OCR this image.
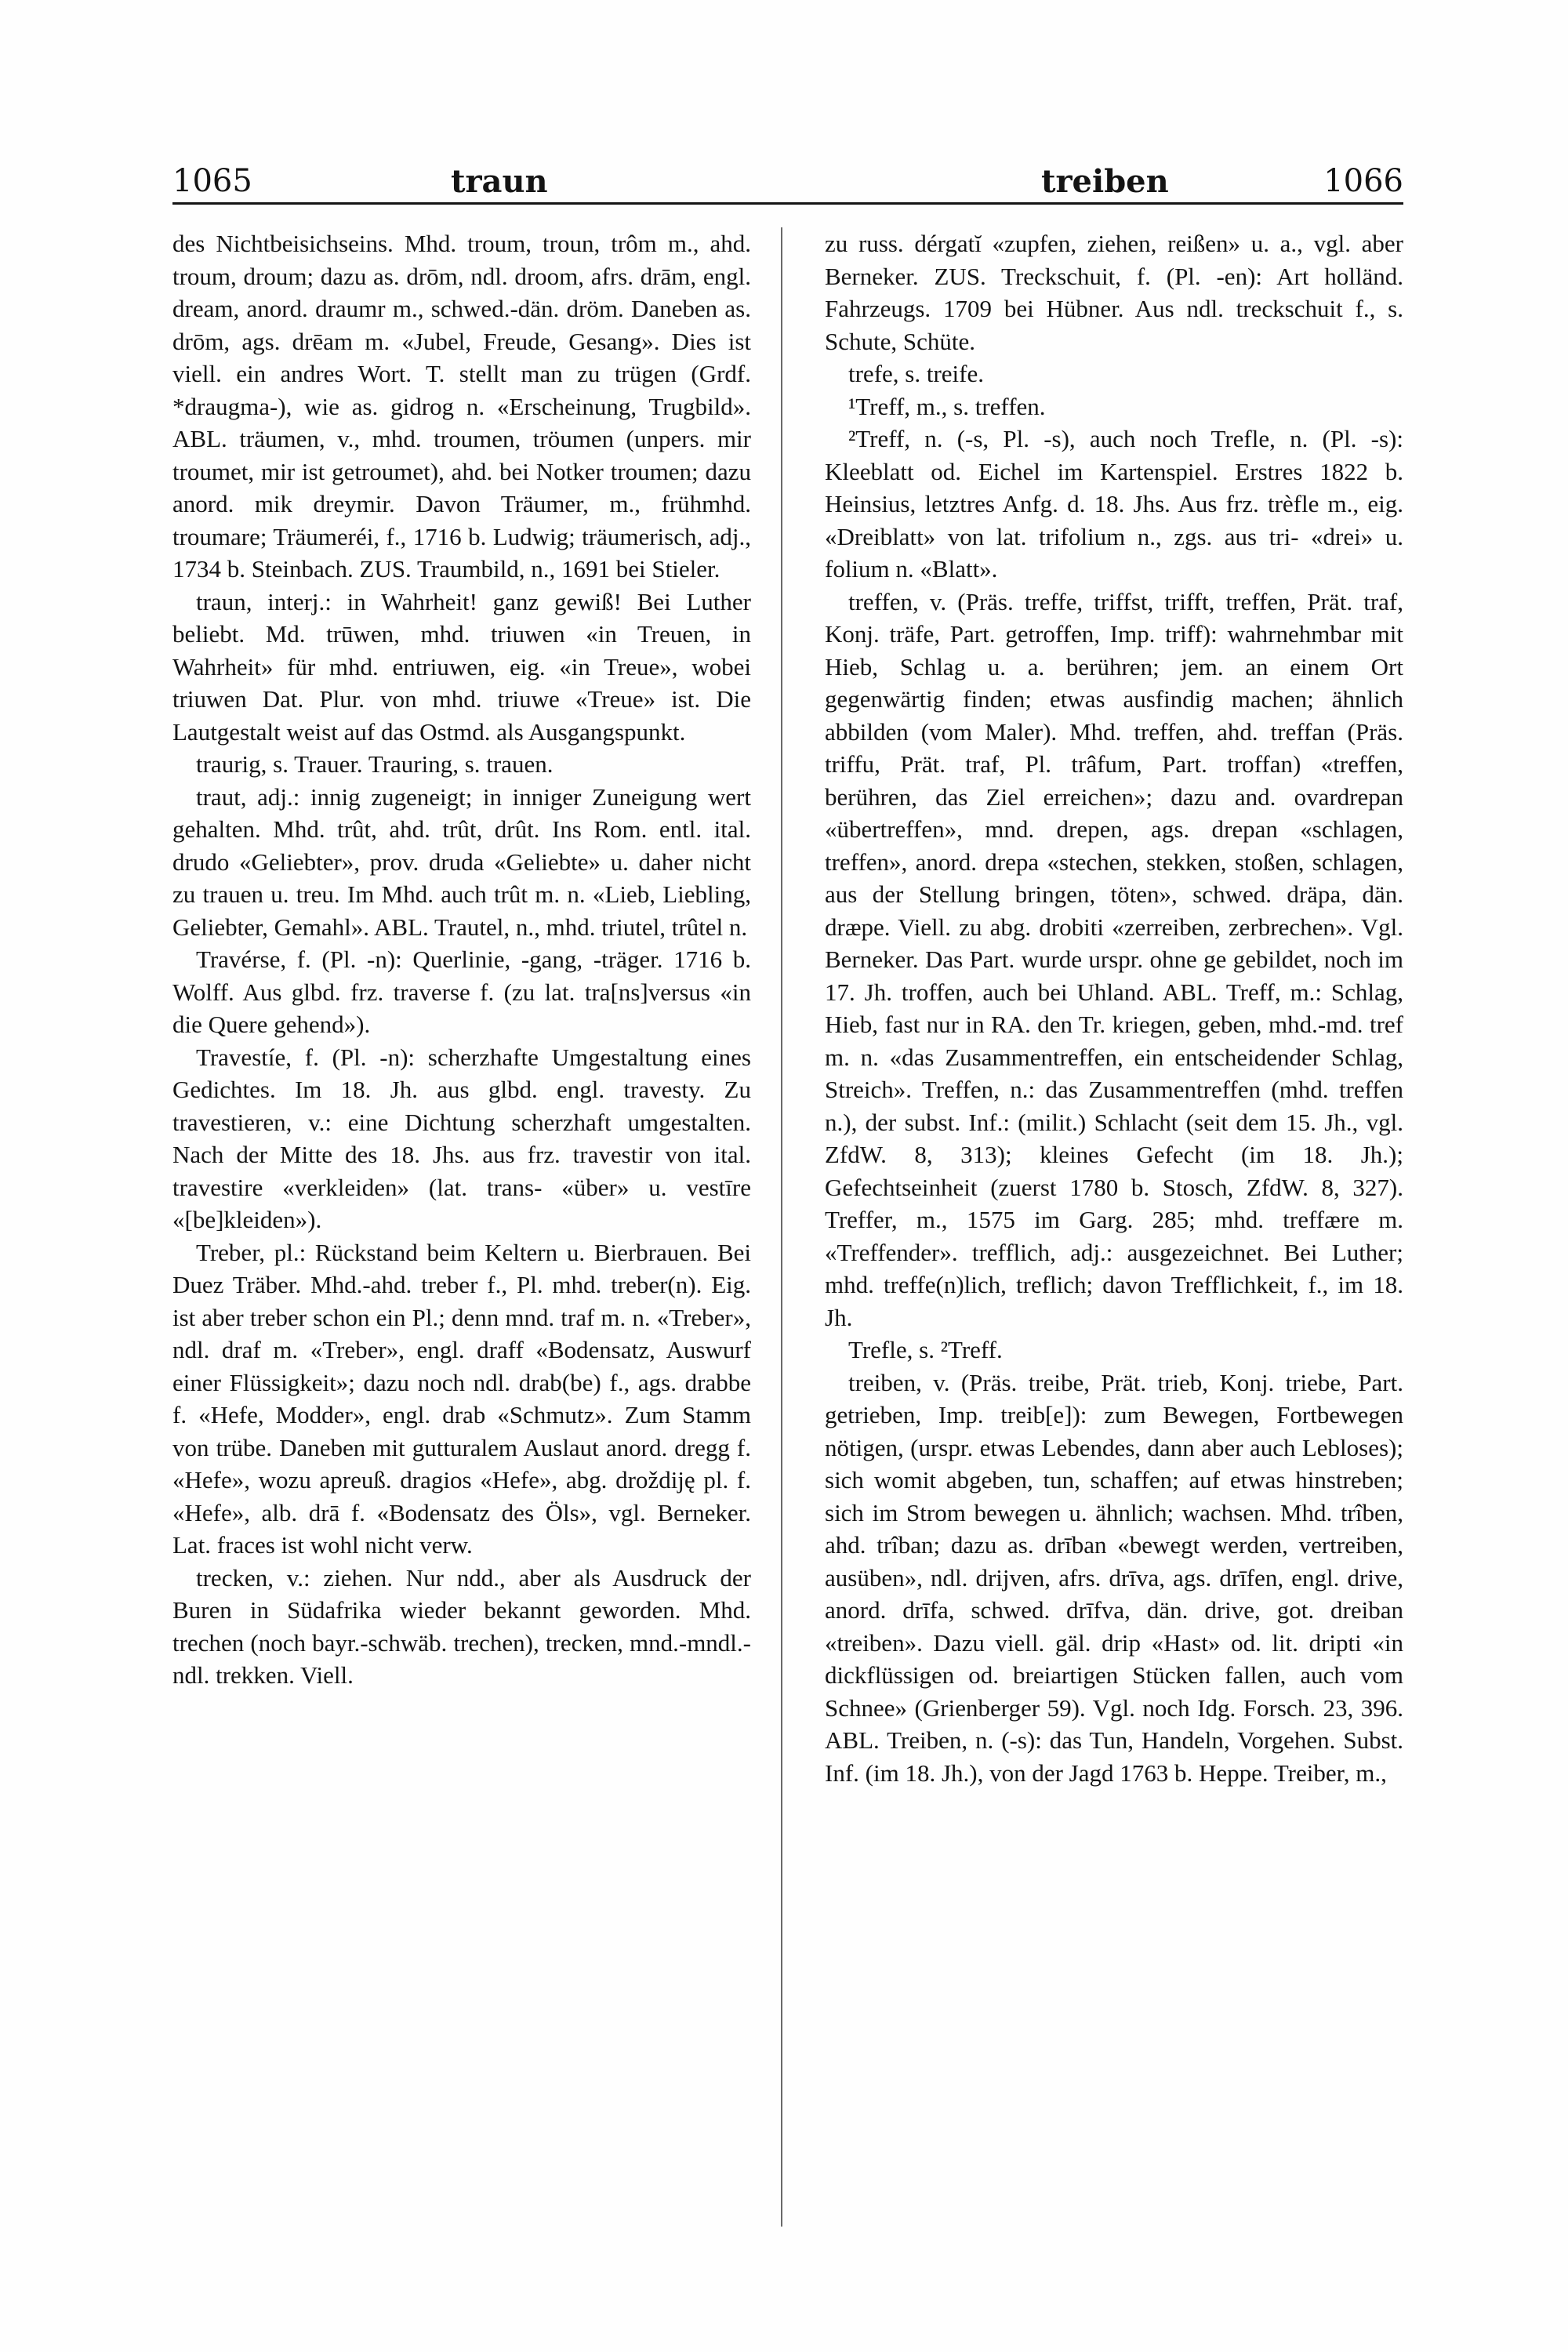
1065	traun	treiben	1066

des Nichtbeisichseins. Mhd. troum, troun, trôm m., ahd. troum, droum; dazu as. drōm, ndl. droom, afrs. drām, engl. dream, anord. draumr m., schwed.-dän. dröm. Daneben as. drōm, ags. drēam m. «Jubel, Freude, Gesang». Dies ist viell. ein andres Wort. T. stellt man zu trügen (Grdf. *draugma-), wie as. gidrog n. «Erscheinung, Trugbild». ABL. träumen, v., mhd. troumen, tröumen (unpers. mir troumet, mir ist getroumet), ahd. bei Notker troumen; dazu anord. mik dreymir. Davon Träumer, m., frühmhd. troumare; Träumeréi, f., 1716 b. Ludwig; träumerisch, adj., 1734 b. Steinbach. ZUS. Traumbild, n., 1691 bei Stieler.

traun, interj.: in Wahrheit! ganz gewiß! Bei Luther beliebt. Md. trūwen, mhd. triuwen «in Treuen, in Wahrheit» für mhd. entriuwen, eig. «in Treue», wobei triuwen Dat. Plur. von mhd. triuwe «Treue» ist. Die Lautgestalt weist auf das Ostmd. als Ausgangspunkt.

traurig, s. Trauer. Trauring, s. trauen.

traut, adj.: innig zugeneigt; in inniger Zuneigung wert gehalten. Mhd. trût, ahd. trût, drût. Ins Rom. entl. ital. drudo «Geliebter», prov. druda «Geliebte» u. daher nicht zu trauen u. treu. Im Mhd. auch trût m. n. «Lieb, Liebling, Geliebter, Gemahl». ABL. Trautel, n., mhd. triutel, trûtel n.

Travérse, f. (Pl. -n): Querlinie, -gang, -träger. 1716 b. Wolff. Aus glbd. frz. traverse f. (zu lat. tra[ns]versus «in die Quere gehend»).

Travestíe, f. (Pl. -n): scherzhafte Umgestaltung eines Gedichtes. Im 18. Jh. aus glbd. engl. travesty. Zu travestieren, v.: eine Dichtung scherzhaft umgestalten. Nach der Mitte des 18. Jhs. aus frz. travestir von ital. travestire «verkleiden» (lat. trans- «über» u. vestīre «[be]kleiden»).

Treber, pl.: Rückstand beim Keltern u. Bierbrauen. Bei Duez Träber. Mhd.-ahd. treber f., Pl. mhd. treber(n). Eig. ist aber treber schon ein Pl.; denn mnd. traf m. n. «Treber», ndl. draf m. «Treber», engl. draff «Bodensatz, Auswurf einer Flüssigkeit»; dazu noch ndl. drab(be) f., ags. drabbe f. «Hefe, Modder», engl. drab «Schmutz». Zum Stamm von trübe. Daneben mit gutturalem Auslaut anord. dregg f. «Hefe», wozu apreuß. dragios «Hefe», abg. droždiję pl. f. «Hefe», alb. drā f. «Bodensatz des Öls», vgl. Berneker. Lat. fraces ist wohl nicht verw.

trecken, v.: ziehen. Nur ndd., aber als Ausdruck der Buren in Südafrika wieder bekannt geworden. Mhd. trechen (noch bayr.-schwäb. trechen), trecken, mnd.-mndl.-ndl. trekken. Viell.

zu russ. dérgatĭ «zupfen, ziehen, reißen» u. a., vgl. aber Berneker. ZUS. Treckschuit, f. (Pl. -en): Art holländ. Fahrzeugs. 1709 bei Hübner. Aus ndl. treckschuit f., s. Schute, Schüte.

trefe, s. treife.

¹Treff, m., s. treffen.

²Treff, n. (-s, Pl. -s), auch noch Trefle, n. (Pl. -s): Kleeblatt od. Eichel im Kartenspiel. Erstres 1822 b. Heinsius, letztres Anfg. d. 18. Jhs. Aus frz. trèfle m., eig. «Dreiblatt» von lat. trifolium n., zgs. aus tri- «drei» u. folium n. «Blatt».

treffen, v. (Präs. treffe, triffst, trifft, treffen, Prät. traf, Konj. träfe, Part. getroffen, Imp. triff): wahrnehmbar mit Hieb, Schlag u. a. berühren; jem. an einem Ort gegenwärtig finden; etwas ausfindig machen; ähnlich abbilden (vom Maler). Mhd. treffen, ahd. treffan (Präs. triffu, Prät. traf, Pl. trâfum, Part. troffan) «treffen, berühren, das Ziel erreichen»; dazu and. ovardrepan «übertreffen», mnd. drepen, ags. drepan «schlagen, treffen», anord. drepa «stechen, stekken, stoßen, schlagen, aus der Stellung bringen, töten», schwed. dräpa, dän. dræpe. Viell. zu abg. drobiti «zerreiben, zerbrechen». Vgl. Berneker. Das Part. wurde urspr. ohne ge gebildet, noch im 17. Jh. troffen, auch bei Uhland. ABL. Treff, m.: Schlag, Hieb, fast nur in RA. den Tr. kriegen, geben, mhd.-md. tref m. n. «das Zusammentreffen, ein entscheidender Schlag, Streich». Treffen, n.: das Zusammentreffen (mhd. treffen n.), der subst. Inf.: (milit.) Schlacht (seit dem 15. Jh., vgl. ZfdW. 8, 313); kleines Gefecht (im 18. Jh.); Gefechtseinheit (zuerst 1780 b. Stosch, ZfdW. 8, 327). Treffer, m., 1575 im Garg. 285; mhd. treffære m. «Treffender». trefflich, adj.: ausgezeichnet. Bei Luther; mhd. treffe(n)lich, treflich; davon Trefflichkeit, f., im 18. Jh.

Trefle, s. ²Treff.

treiben, v. (Präs. treibe, Prät. trieb, Konj. triebe, Part. getrieben, Imp. treib[e]): zum Bewegen, Fortbewegen nötigen, (urspr. etwas Lebendes, dann aber auch Lebloses); sich womit abgeben, tun, schaffen; auf etwas hinstreben; sich im Strom bewegen u. ähnlich; wachsen. Mhd. trîben, ahd. trîban; dazu as. drīban «bewegt werden, vertreiben, ausüben», ndl. drijven, afrs. drīva, ags. drīfen, engl. drive, anord. drīfa, schwed. drīfva, dän. drive, got. dreiban «treiben». Dazu viell. gäl. drip «Hast» od. lit. dripti «in dickflüssigen od. breiartigen Stücken fallen, auch vom Schnee» (Grienberger 59). Vgl. noch Idg. Forsch. 23, 396. ABL. Treiben, n. (-s): das Tun, Handeln, Vorgehen. Subst. Inf. (im 18. Jh.), von der Jagd 1763 b. Heppe. Treiber, m.,
